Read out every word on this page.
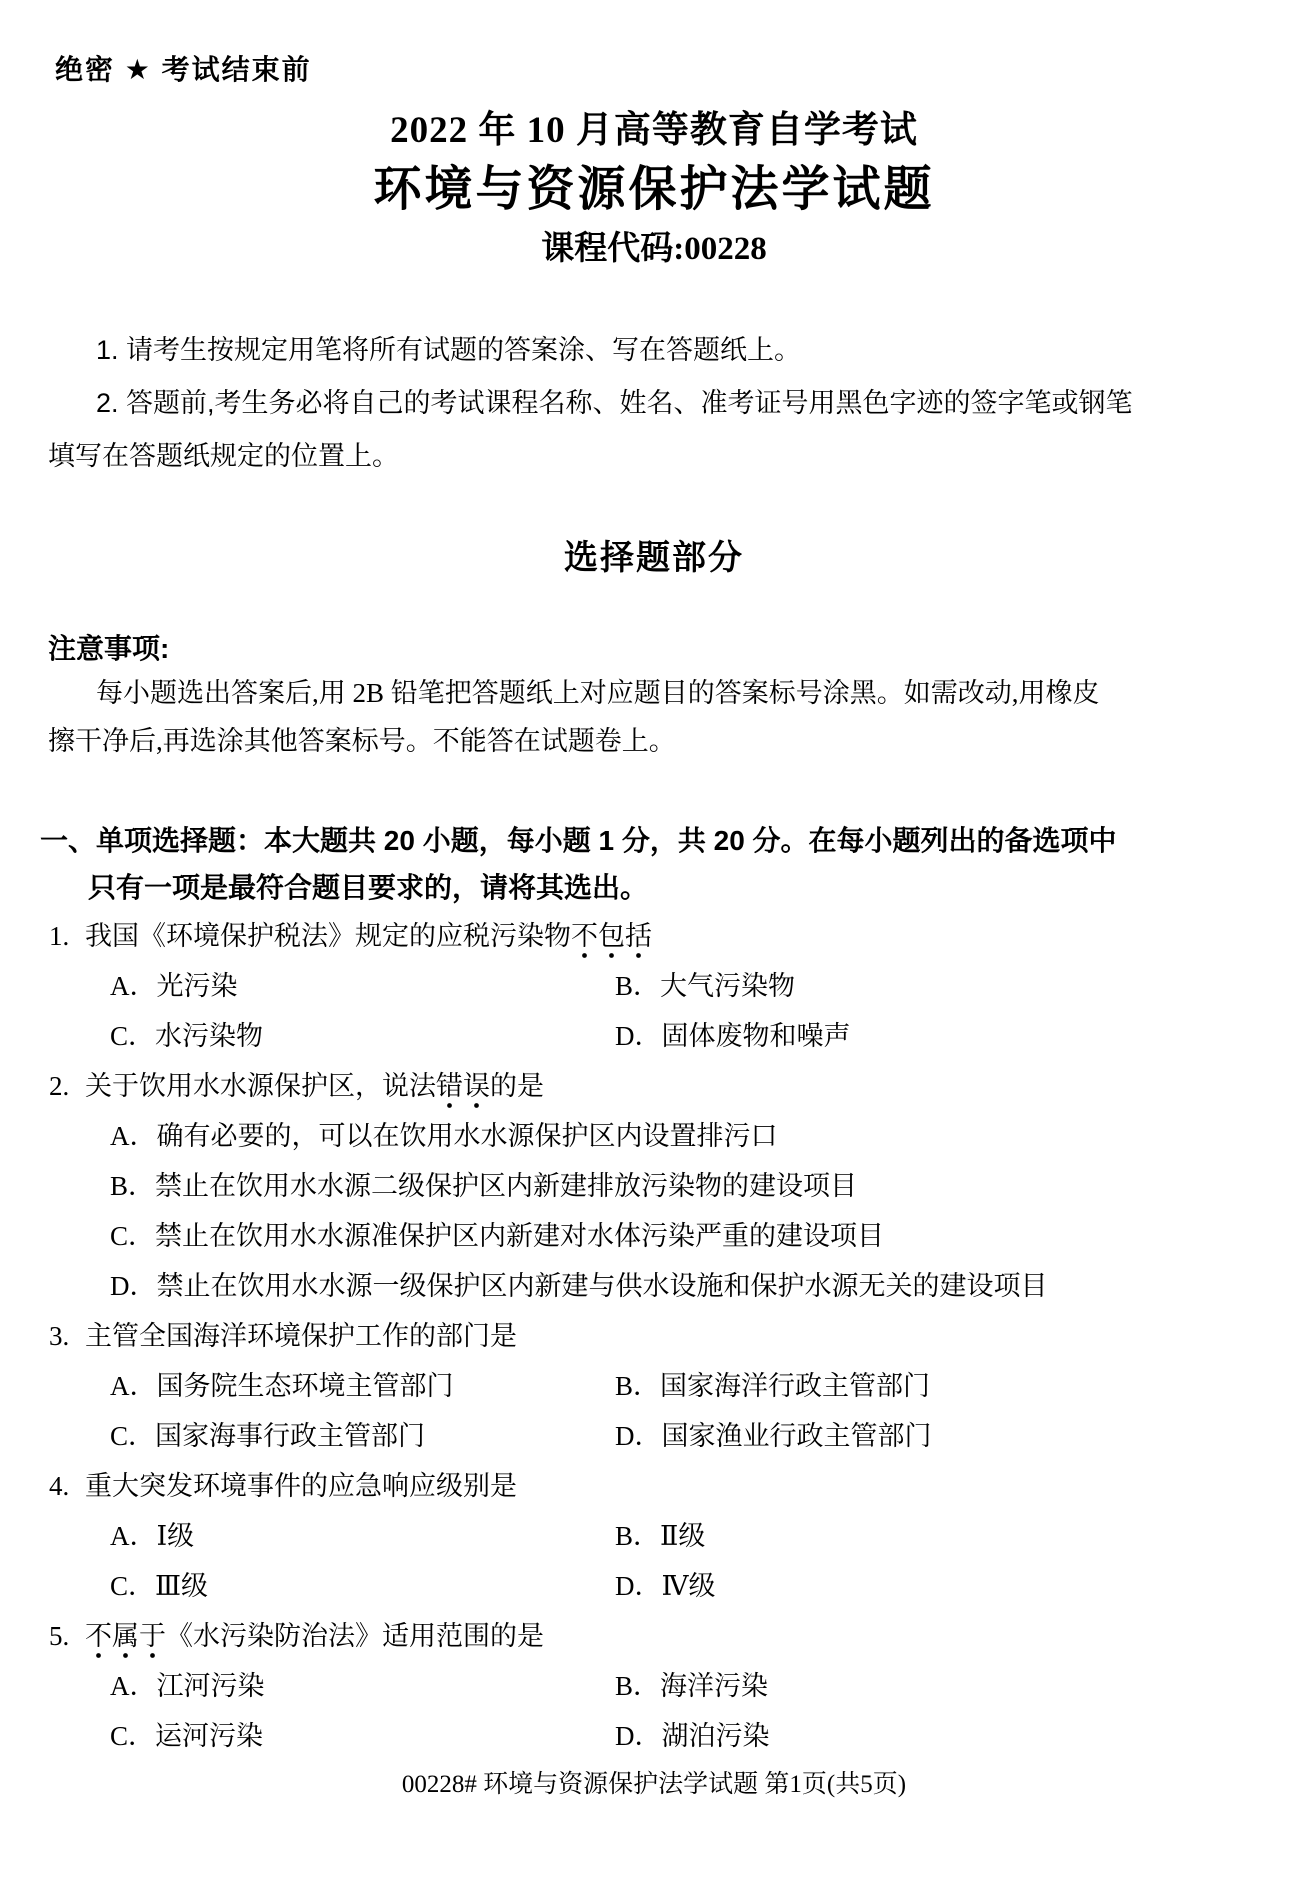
绝密 ★ 考试结束前
2022 年 10 月高等教育自学考试
环境与资源保护法学试题
课程代码:00228
1. 请考生按规定用笔将所有试题的答案涂、写在答题纸上。
2. 答题前,考生务必将自己的考试课程名称、姓名、准考证号用黑色字迹的签字笔或钢笔
填写在答题纸规定的位置上。
选择题部分
注意事项:
每小题选出答案后,用 2B 铅笔把答题纸上对应题目的答案标号涂黑。如需改动,用橡皮
擦干净后,再选涂其他答案标号。不能答在试题卷上。
一、单项选择题：本大题共 20 小题，每小题 1 分，共 20 分。在每小题列出的备选项中
只有一项是最符合题目要求的，请将其选出。
1. 我国《环境保护税法》规定的应税污染物不包括
A．光污染	B．大气污染物
C．水污染物	D．固体废物和噪声
2. 关于饮用水水源保护区，说法错误的是
A．确有必要的，可以在饮用水水源保护区内设置排污口
B．禁止在饮用水水源二级保护区内新建排放污染物的建设项目
C．禁止在饮用水水源准保护区内新建对水体污染严重的建设项目
D．禁止在饮用水水源一级保护区内新建与供水设施和保护水源无关的建设项目
3. 主管全国海洋环境保护工作的部门是
A．国务院生态环境主管部门	B．国家海洋行政主管部门
C．国家海事行政主管部门	D．国家渔业行政主管部门
4. 重大突发环境事件的应急响应级别是
A．Ⅰ级	B．Ⅱ级
C．Ⅲ级	D．Ⅳ级
5. 不属于《水污染防治法》适用范围的是
A．江河污染	B．海洋污染
C．运河污染	D．湖泊污染
00228# 环境与资源保护法学试题 第1页(共5页)
